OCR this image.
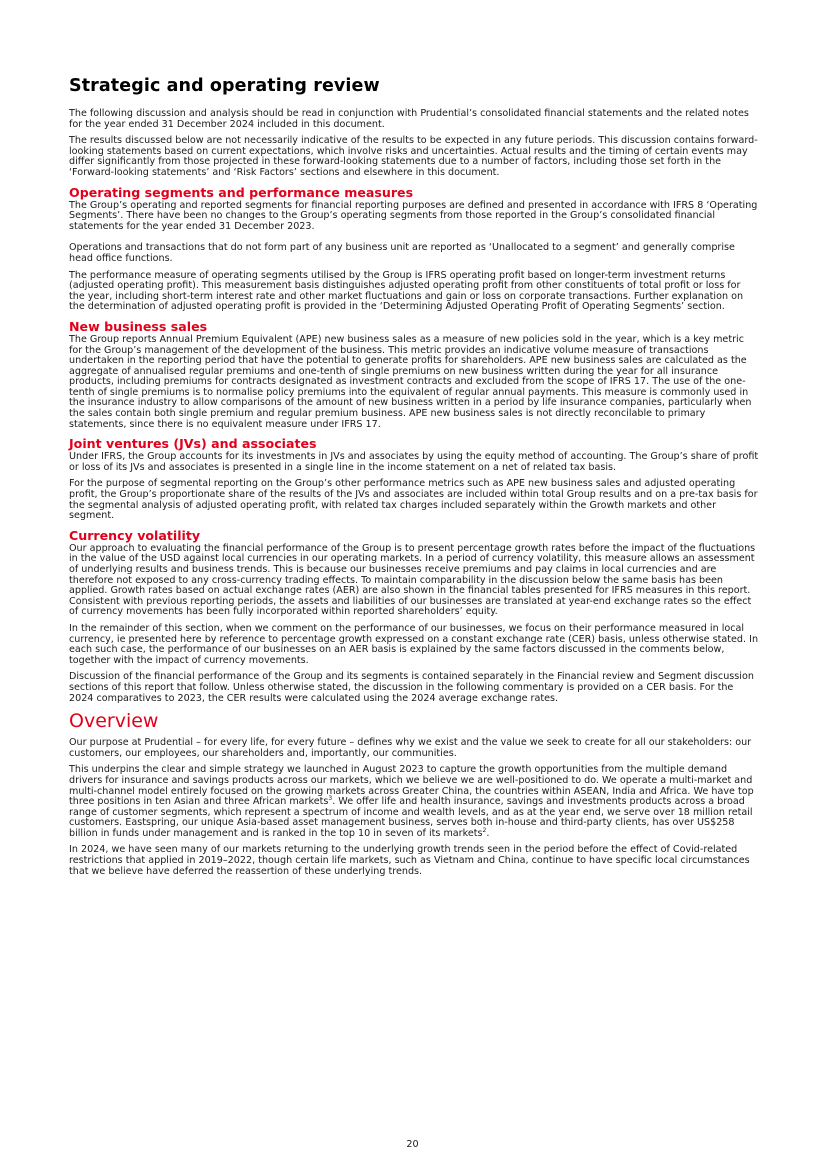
Strategic and operating review

The following discussion and analysis should be read in conjunction with Prudential’s consolidated financial statements and the related notes for the year ended 31 December 2024 included in this document.

The results discussed below are not necessarily indicative of the results to be expected in any future periods. This discussion contains forward-looking statements based on current expectations, which involve risks and uncertainties. Actual results and the timing of certain events may differ significantly from those projected in these forward-looking statements due to a number of factors, including those set forth in the ‘Forward-looking statements’ and ‘Risk Factors’ sections and elsewhere in this document.

Operating segments and performance measures

The Group’s operating and reported segments for financial reporting purposes are defined and presented in accordance with IFRS 8 ‘Operating Segments’. There have been no changes to the Group’s operating segments from those reported in the Group’s consolidated financial statements for the year ended 31 December 2023.

Operations and transactions that do not form part of any business unit are reported as ‘Unallocated to a segment’ and generally comprise head office functions.

The performance measure of operating segments utilised by the Group is IFRS operating profit based on longer-term investment returns (adjusted operating profit). This measurement basis distinguishes adjusted operating profit from other constituents of total profit or loss for the year, including short-term interest rate and other market fluctuations and gain or loss on corporate transactions. Further explanation on the determination of adjusted operating profit is provided in the ‘Determining Adjusted Operating Profit of Operating Segments’ section.

New business sales

The Group reports Annual Premium Equivalent (APE) new business sales as a measure of new policies sold in the year, which is a key metric for the Group’s management of the development of the business. This metric provides an indicative volume measure of transactions undertaken in the reporting period that have the potential to generate profits for shareholders. APE new business sales are calculated as the aggregate of annualised regular premiums and one-tenth of single premiums on new business written during the year for all insurance products, including premiums for contracts designated as investment contracts and excluded from the scope of IFRS 17. The use of the one-tenth of single premiums is to normalise policy premiums into the equivalent of regular annual payments. This measure is commonly used in the insurance industry to allow comparisons of the amount of new business written in a period by life insurance companies, particularly when the sales contain both single premium and regular premium business. APE new business sales is not directly reconcilable to primary statements, since there is no equivalent measure under IFRS 17.

Joint ventures (JVs) and associates

Under IFRS, the Group accounts for its investments in JVs and associates by using the equity method of accounting. The Group’s share of profit or loss of its JVs and associates is presented in a single line in the income statement on a net of related tax basis.

For the purpose of segmental reporting on the Group’s other performance metrics such as APE new business sales and adjusted operating profit, the Group’s proportionate share of the results of the JVs and associates are included within total Group results and on a pre-tax basis for the segmental analysis of adjusted operating profit, with related tax charges included separately within the Growth markets and other segment.

Currency volatility

Our approach to evaluating the financial performance of the Group is to present percentage growth rates before the impact of the fluctuations in the value of the USD against local currencies in our operating markets. In a period of currency volatility, this measure allows an assessment of underlying results and business trends. This is because our businesses receive premiums and pay claims in local currencies and are therefore not exposed to any cross-currency trading effects. To maintain comparability in the discussion below the same basis has been applied. Growth rates based on actual exchange rates (AER) are also shown in the financial tables presented for IFRS measures in this report. Consistent with previous reporting periods, the assets and liabilities of our businesses are translated at year-end exchange rates so the effect of currency movements has been fully incorporated within reported shareholders’ equity.

In the remainder of this section, when we comment on the performance of our businesses, we focus on their performance measured in local currency, ie presented here by reference to percentage growth expressed on a constant exchange rate (CER) basis, unless otherwise stated. In each such case, the performance of our businesses on an AER basis is explained by the same factors discussed in the comments below, together with the impact of currency movements.

Discussion of the financial performance of the Group and its segments is contained separately in the Financial review and Segment discussion sections of this report that follow. Unless otherwise stated, the discussion in the following commentary is provided on a CER basis. For the 2024 comparatives to 2023, the CER results were calculated using the 2024 average exchange rates.

Overview

Our purpose at Prudential – for every life, for every future – defines why we exist and the value we seek to create for all our stakeholders: our customers, our employees, our shareholders and, importantly, our communities.

This underpins the clear and simple strategy we launched in August 2023 to capture the growth opportunities from the multiple demand drivers for insurance and savings products across our markets, which we believe we are well-positioned to do. We operate a multi-market and multi-channel model entirely focused on the growing markets across Greater China, the countries within ASEAN, India and Africa. We have top three positions in ten Asian and three African markets$^3$. We offer life and health insurance, savings and investments products across a broad range of customer segments, which represent a spectrum of income and wealth levels, and as at the year end, we serve over 18 million retail customers. Eastspring, our unique Asia-based asset management business, serves both in-house and third-party clients, has over US$258 billion in funds under management and is ranked in the top 10 in seven of its markets$^2$.

In 2024, we have seen many of our markets returning to the underlying growth trends seen in the period before the effect of Covid-related restrictions that applied in 2019–2022, though certain life markets, such as Vietnam and China, continue to have specific local circumstances that we believe have deferred the reassertion of these underlying trends.

20
